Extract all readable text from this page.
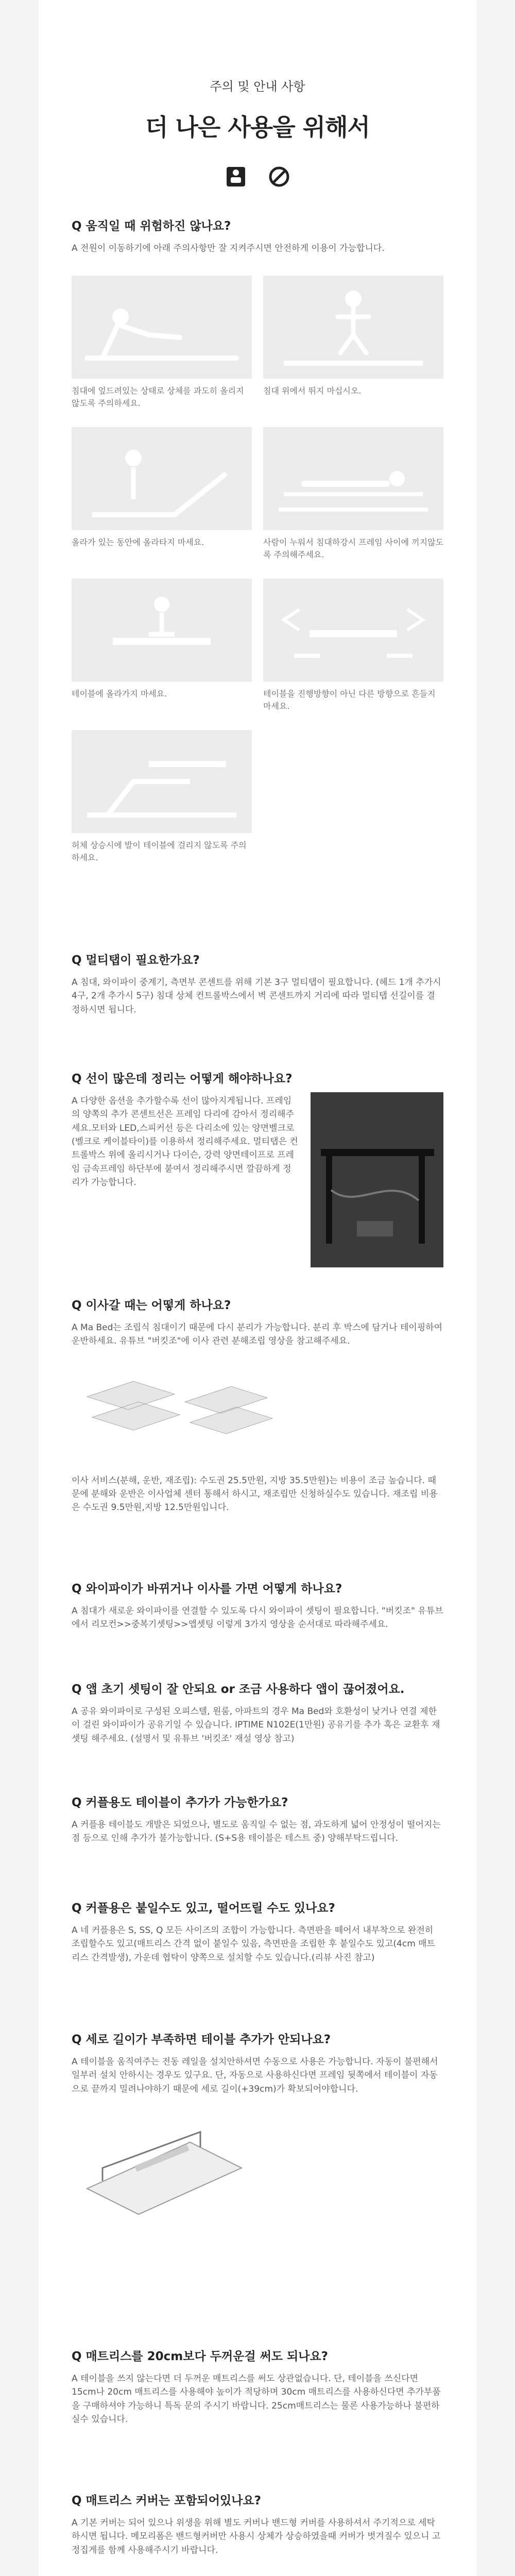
주의 및 안내 사항
더 나은 사용을 위해서
Q 움직일 때 위험하진 않나요?
A 전원이 이동하기에 아래 주의사항만 잘 지켜주시면 안전하게 이용이 가능합니다.
침대에 엎드려있는 상태로 상체를 과도히 올리지 않도록 주의하세요.
침대 위에서 뛰지 마십시오.
올라가 있는 동안에 올라타지 마세요.	사람이 누워서 침대하강시 프레임 사이에 끼지않도록 주의해주세요.
테이블에 올라가지 마세요.	테이블을 진행방향이 아닌 다른 방향으로 흔들지 마세요.
허체 상승시에 발이 테이블에 걸리지 않도록 주의하세요.
Q 멀티탭이 필요한가요?
A 침대, 와이파이 중계기, 측면부 콘센트를 위해 기본 3구 멀티탭이 필요합니다. (헤드 1개 추가시 4구, 2개 추가시 5구) 침대 상체 컨트롤박스에서 벽 콘센트까지 거리에 따라 멀티탭 선길이를 결정하시면 됩니다.
Q 선이 많은데 정리는 어떻게 해야하나요?
A 다양한 옵션을 추가할수록 선이 많아지게됩니다. 프레임의 양쪽의 추가 콘센트선은 프레임 다리에 감아서 정리해주세요.모터와 LED,스피커선 등은 다리소에 있는 양면벨크로(벨크로 케이블타이)를 이용하셔 정리해주세요. 멀티탭은 컨트롤박스 위에 올리시거나 다이슨, 강력 양면테이프로 프레임 금속프레임 하단부에 붙여서 정리해주시면 깔끔하게 정리가 가능합니다.
Q 이사갈 때는 어떻게 하나요?
A Ma Bed는 조립식 침대이기 때문에 다시 분리가 가능합니다. 분리 후 박스에 담거나 테이핑하여 운반하세요. 유튜브 "버킷조"에 이사 관련 분해조립 영상을 참고해주세요.
이사 서비스(분해, 운반, 재조립): 수도권 25.5만원, 지방 35.5만원)는 비용이 조금 높습니다. 때문에 분해와 운반은 이사업체 센터 통해서 하시고, 재조립만 신청하실수도 있습니다. 재조립 비용은 수도권 9.5만원,지방 12.5만원입니다.
Q 와이파이가 바뀌거나 이사를 가면 어떻게 하나요?
A 침대가 새로운 와이파이를 연결할 수 있도록 다시 와이파이 셋팅이 필요합니다. "버킷조" 유튜브에서 리모컨>>중복기셋팅>>앱셋팅 이렇게 3가지 영상을 순서대로 따라해주세요.
Q 앱 초기 셋팅이 잘 안되요 or 조금 사용하다 앱이 끊어졌어요.
A 공유 와이파이로 구성된 오피스텔, 원룸, 아파트의 경우 Ma Bed와 호환성이 낮거나 연결 제한이 걸린 와이파이가 공유기일 수 있습니다. IPTIME N102E(1만원) 공유기를 추가 혹은 교환후 재셋팅 해주세요. (설명서 및 유튜브 '버킷조' 재설 영상 참고)
Q 커플용도 테이블이 추가가 가능한가요?
A 커플용 테이블도 개발은 되었으나, 별도로 움직일 수 없는 점, 과도하게 넓어 안정성이 떨어지는 점 등으로 인해 추가가 불가능합니다. (S+S용 테이블은 테스트 중) 양해부탁드립니다.
Q 커플용은 붙일수도 있고, 떨어뜨릴 수도 있나요?
A 네 커플용은 S, SS, Q 모든 사이즈의 조합이 가능합니다. 측면판을 떼어서 내부착으로 완전히 조립할수도 있고(매트리스 간격 없이 붙일수 있음, 측면판을 조립한 후 붙일수도 있고(4cm 매트리스 간격발생), 가운데 협탁이 양쪽으로 설치할 수도 있습니다.(리뷰 사진 참고)
Q 세로 길이가 부족하면 테이블 추가가 안되나요?
A 테이블을 움직여주는 전동 레일을 설치안하셔면 수동으로 사용은 가능합니다. 자동이 불편해서 일부러 설치 안하시는 경우도 있구요. 단, 자동으로 사용하신다면 프레임 뒷쪽에서 테이블이 자동으로 끝까지 밀려나야하기 때문에 세로 길이(+39cm)가 확보되어야합니다.
Q 매트리스를 20cm보다 두꺼운걸 써도 되나요?
A 테이블을 쓰지 않는다면 더 두꺼운 매트리스를 써도 상관없습니다. 단, 테이블을 쓰신다면 15cm나 20cm 매트리스를 사용해야 높이가 적당하며 30cm 매트리스를 사용하신다면 추가부품을 구매하셔야 가능하니 특독 문의 주시기 바랍니다. 25cm매트리스는 물론 사용가능하나 불편하실수 있습니다.
Q 매트리스 커버는 포함되어있나요?
A 기본 커버는 되어 있으나 위생을 위해 별도 커버나 밴드형 커버를 사용하셔서 주기적으로 세탁하시면 됩니다. 메모리폼은 밴드형커버만 사용시 상체가 상승하였을때 커버가 벗겨질수 있으니 고정집게를 함께 사용해주시기 바랍니다.
